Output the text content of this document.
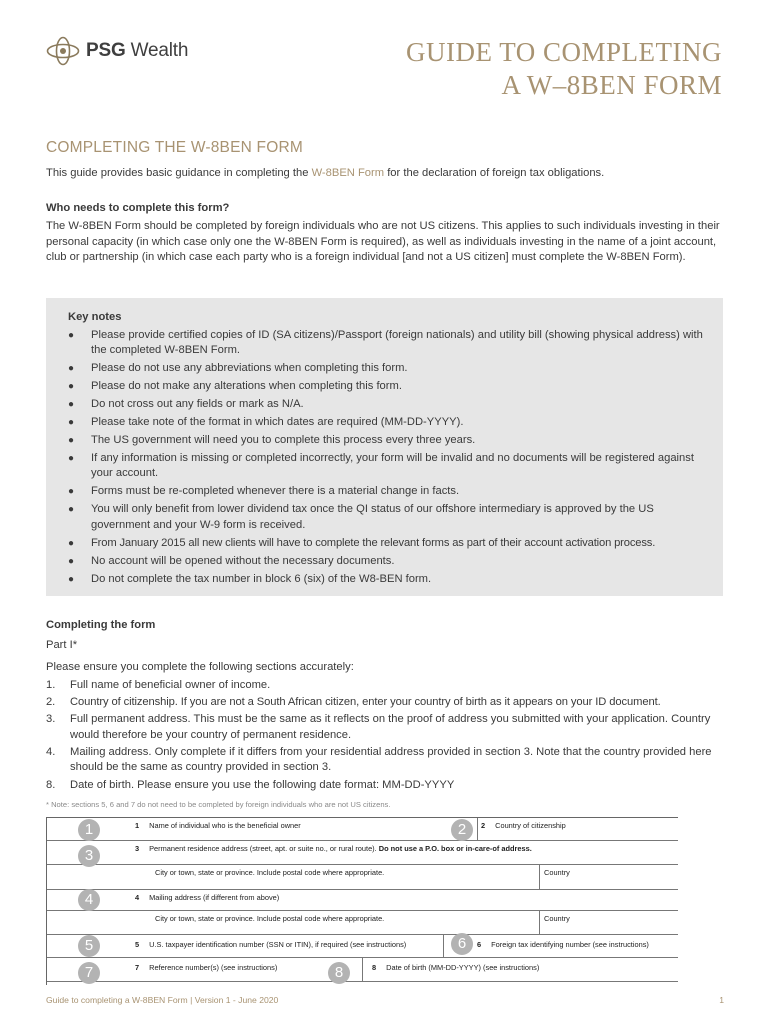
PSG Wealth	GUIDE TO COMPLETING
A W–8BEN FORM
COMPLETING THE W-8BEN FORM
This guide provides basic guidance in completing the W-8BEN Form for the declaration of foreign tax obligations.
Who needs to complete this form?
The W-8BEN Form should be completed by foreign individuals who are not US citizens. This applies to such individuals investing in their personal capacity (in which case only one the W-8BEN Form is required), as well as individuals investing in the name of a joint account, club or partnership (in which case each party who is a foreign individual [and not a US citizen] must complete the W-8BEN Form).
Key notes
● Please provide certified copies of ID (SA citizens)/Passport (foreign nationals) and utility bill (showing physical address) with the completed W-8BEN Form.
● Please do not use any abbreviations when completing this form.
● Please do not make any alterations when completing this form.
● Do not cross out any fields or mark as N/A.
● Please take note of the format in which dates are required (MM-DD-YYYY).
● The US government will need you to complete this process every three years.
● If any information is missing or completed incorrectly, your form will be invalid and no documents will be registered against your account.
● Forms must be re-completed whenever there is a material change in facts.
● You will only benefit from lower dividend tax once the QI status of our offshore intermediary is approved by the US government and your W-9 form is received.
● From January 2015 all new clients will have to complete the relevant forms as part of their account activation process.
● No account will be opened without the necessary documents.
● Do not complete the tax number in block 6 (six) of the W8-BEN form.
Completing the form
Part I*
Please ensure you complete the following sections accurately:
1. Full name of beneficial owner of income.
2. Country of citizenship. If you are not a South African citizen, enter your country of birth as it appears on your ID document.
3. Full permanent address. This must be the same as it reflects on the proof of address you submitted with your application. Country would therefore be your country of permanent residence.
4. Mailing address. Only complete if it differs from your residential address provided in section 3. Note that the country provided here should be the same as country provided in section 3.
8. Date of birth. Please ensure you use the following date format: MM-DD-YYYY
* Note: sections 5, 6 and 7 do not need to be completed by foreign individuals who are not US citizens.
1 Name of individual who is the beneficial owner	2 Country of citizenship
3 Permanent residence address (street, apt. or suite no., or rural route). Do not use a P.O. box or in-care-of address.
City or town, state or province. Include postal code where appropriate.	Country
4 Mailing address (if different from above)
City or town, state or province. Include postal code where appropriate.	Country
5 U.S. taxpayer identification number (SSN or ITIN), if required (see instructions)	6 Foreign tax identifying number (see instructions)
7 Reference number(s) (see instructions)	8 Date of birth (MM-DD-YYYY) (see instructions)
1	2
3
4
5	6
7	8
Guide to completing a W-8BEN Form | Version 1 - June 2020	1
